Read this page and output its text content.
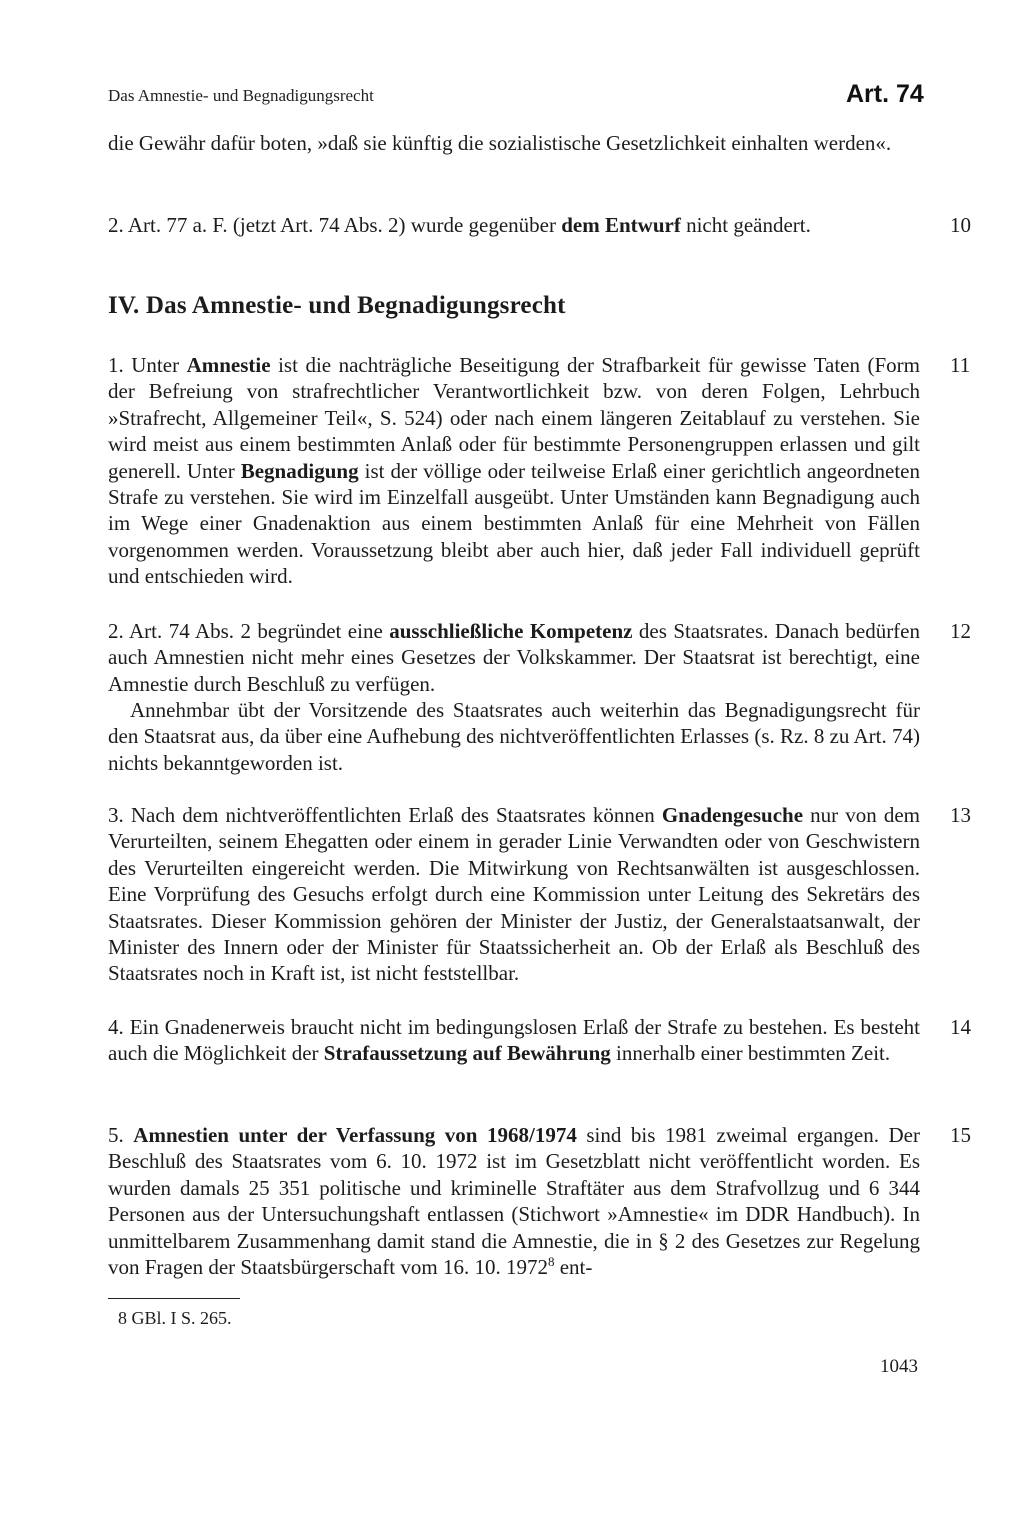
Das Amnestie- und Begnadigungsrecht	Art. 74
die Gewähr dafür boten, »daß sie künftig die sozialistische Gesetzlichkeit einhalten werden«.
2. Art. 77 a. F. (jetzt Art. 74 Abs. 2) wurde gegenüber dem Entwurf nicht geändert.	10
IV. Das Amnestie- und Begnadigungsrecht
1. Unter Amnestie ist die nachträgliche Beseitigung der Strafbarkeit für gewisse Taten (Form der Befreiung von strafrechtlicher Verantwortlichkeit bzw. von deren Folgen, Lehrbuch »Strafrecht, Allgemeiner Teil«, S. 524) oder nach einem längeren Zeitablauf zu verstehen. Sie wird meist aus einem bestimmten Anlaß oder für bestimmte Personengruppen erlassen und gilt generell. Unter Begnadigung ist der völlige oder teilweise Erlaß einer gerichtlich angeordneten Strafe zu verstehen. Sie wird im Einzelfall ausgeübt. Unter Umständen kann Begnadigung auch im Wege einer Gnadenaktion aus einem bestimmten Anlaß für eine Mehrheit von Fällen vorgenommen werden. Voraussetzung bleibt aber auch hier, daß jeder Fall individuell geprüft und entschieden wird.
11
2. Art. 74 Abs. 2 begründet eine ausschließliche Kompetenz des Staatsrates. Danach bedürfen auch Amnestien nicht mehr eines Gesetzes der Volkskammer. Der Staatsrat ist berechtigt, eine Amnestie durch Beschluß zu verfügen.
Annehmbar übt der Vorsitzende des Staatsrates auch weiterhin das Begnadigungsrecht für den Staatsrat aus, da über eine Aufhebung des nichtveröffentlichten Erlasses (s. Rz. 8 zu Art. 74) nichts bekanntgeworden ist.
12
3. Nach dem nichtveröffentlichten Erlaß des Staatsrates können Gnadengesuche nur von dem Verurteilten, seinem Ehegatten oder einem in gerader Linie Verwandten oder von Geschwistern des Verurteilten eingereicht werden. Die Mitwirkung von Rechtsanwälten ist ausgeschlossen. Eine Vorprüfung des Gesuchs erfolgt durch eine Kommission unter Leitung des Sekretärs des Staatsrates. Dieser Kommission gehören der Minister der Justiz, der Generalstaatsanwalt, der Minister des Innern oder der Minister für Staatssicherheit an. Ob der Erlaß als Beschluß des Staatsrates noch in Kraft ist, ist nicht feststellbar.
13
4. Ein Gnadenerweis braucht nicht im bedingungslosen Erlaß der Strafe zu bestehen. Es besteht auch die Möglichkeit der Strafaussetzung auf Bewährung innerhalb einer bestimmten Zeit.
14
5. Amnestien unter der Verfassung von 1968/1974 sind bis 1981 zweimal ergangen. Der Beschluß des Staatsrates vom 6. 10. 1972 ist im Gesetzblatt nicht veröffentlicht worden. Es wurden damals 25 351 politische und kriminelle Straftäter aus dem Strafvollzug und 6 344 Personen aus der Untersuchungshaft entlassen (Stichwort »Amnestie« im DDR Handbuch). In unmittelbarem Zusammenhang damit stand die Amnestie, die in § 2 des Gesetzes zur Regelung von Fragen der Staatsbürgerschaft vom 16. 10. 1972$^8$ ent-
15
8 GBl. I S. 265.
1043
